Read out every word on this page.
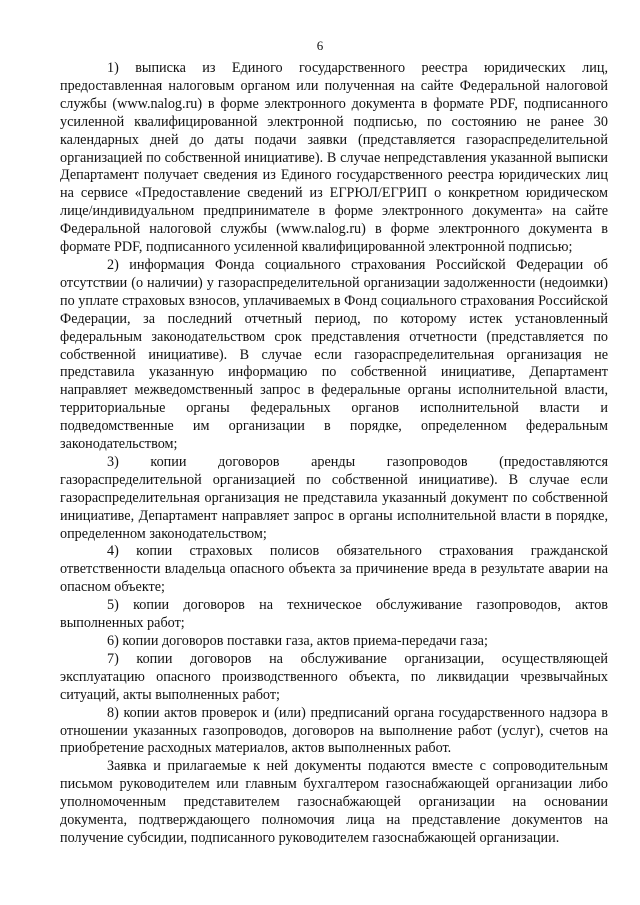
6

1) выписка из Единого государственного реестра юридических лиц, предоставленная налоговым органом или полученная на сайте Федеральной налоговой службы (www.nalog.ru) в форме электронного документа в формате PDF, подписанного усиленной квалифицированной электронной подписью, по состоянию не ранее 30 календарных дней до даты подачи заявки (представляется газораспределительной организацией по собственной инициативе). В случае непредставления указанной выписки Департамент получает сведения из Единого государственного реестра юридических лиц на сервисе «Предоставление сведений из ЕГРЮЛ/ЕГРИП о конкретном юридическом лице/индивидуальном предпринимателе в форме электронного документа» на сайте Федеральной налоговой службы (www.nalog.ru) в форме электронного документа в формате PDF, подписанного усиленной квалифицированной электронной подписью;

2) информация Фонда социального страхования Российской Федерации об отсутствии (о наличии) у газораспределительной организации задолженности (недоимки) по уплате страховых взносов, уплачиваемых в Фонд социального страхования Российской Федерации, за последний отчетный период, по которому истек установленный федеральным законодательством срок представления отчетности (представляется по собственной инициативе). В случае если газораспределительная организация не представила указанную информацию по собственной инициативе, Департамент направляет межведомственный запрос в федеральные органы исполнительной власти, территориальные органы федеральных органов исполнительной власти и подведомственные им организации в порядке, определенном федеральным законодательством;

3) копии договоров аренды газопроводов (предоставляются газораспределительной организацией по собственной инициативе). В случае если газораспределительная организация не представила указанный документ по собственной инициативе, Департамент направляет запрос в органы исполнительной власти в порядке, определенном законодательством;

4) копии страховых полисов обязательного страхования гражданской ответственности владельца опасного объекта за причинение вреда в результате аварии на опасном объекте;

5) копии договоров на техническое обслуживание газопроводов, актов выполненных работ;

6) копии договоров поставки газа, актов приема-передачи газа;

7) копии договоров на обслуживание организации, осуществляющей эксплуатацию опасного производственного объекта, по ликвидации чрезвычайных ситуаций, акты выполненных работ;

8) копии актов проверок и (или) предписаний органа государственного надзора в отношении указанных газопроводов, договоров на выполнение работ (услуг), счетов на приобретение расходных материалов, актов выполненных работ.

Заявка и прилагаемые к ней документы подаются вместе с сопроводительным письмом руководителем или главным бухгалтером газоснабжающей организации либо уполномоченным представителем газоснабжающей организации на основании документа, подтверждающего полномочия лица на представление документов на получение субсидии, подписанного руководителем газоснабжающей организации.
